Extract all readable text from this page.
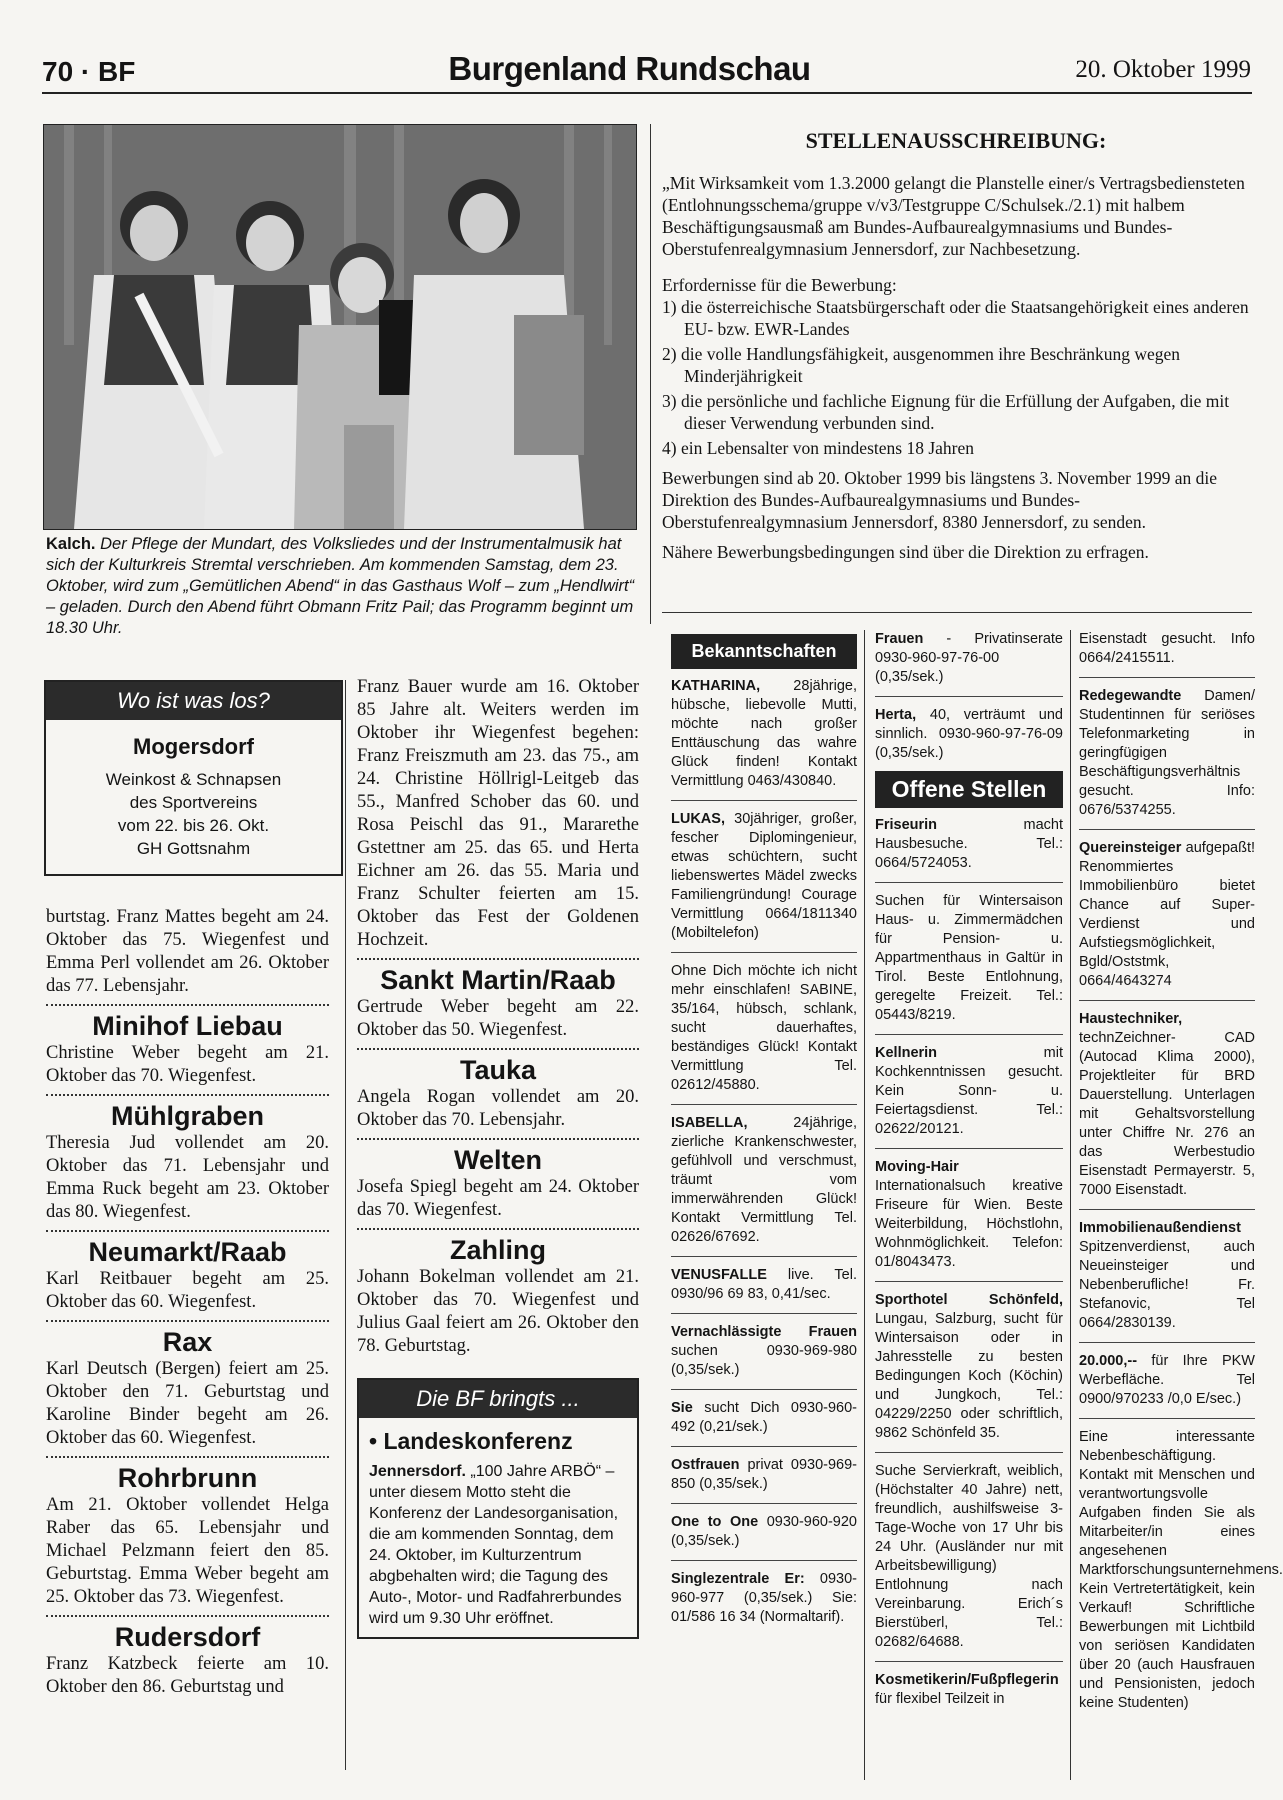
70 · BF	Burgenland Rundschau	20. Oktober 1999
Kalch. Der Pflege der Mundart, des Volksliedes und der Instrumentalmusik hat sich der Kulturkreis Stremtal verschrieben. Am kommenden Samstag, dem 23. Oktober, wird zum „Gemütlichen Abend“ in das Gasthaus Wolf – zum „Hendlwirt“ – geladen. Durch den Abend führt Obmann Fritz Pail; das Programm beginnt um 18.30 Uhr.
Wo ist was los?
Mogersdorf
Weinkost & Schnapsen
des Sportvereins
vom 22. bis 26. Okt.
GH Gottsnahm
burtstag. Franz Mattes begeht am 24. Oktober das 75. Wiegenfest und Emma Perl vollendet am 26. Oktober das 77. Lebensjahr.
Minihof Liebau
Christine Weber begeht am 21. Oktober das 70. Wiegenfest.
Mühlgraben
Theresia Jud vollendet am 20. Oktober das 71. Lebensjahr und Emma Ruck begeht am 23. Oktober das 80. Wiegenfest.
Neumarkt/Raab
Karl Reitbauer begeht am 25. Oktober das 60. Wiegenfest.
Rax
Karl Deutsch (Bergen) feiert am 25. Oktober den 71. Geburtstag und Karoline Binder begeht am 26. Oktober das 60. Wiegenfest.
Rohrbrunn
Am 21. Oktober vollendet Helga Raber das 65. Lebensjahr und Michael Pelzmann feiert den 85. Geburtstag. Emma Weber begeht am 25. Oktober das 73. Wiegenfest.
Rudersdorf
Franz Katzbeck feierte am 10. Oktober den 86. Geburtstag und
Franz Bauer wurde am 16. Oktober 85 Jahre alt. Weiters werden im Oktober ihr Wiegenfest begehen: Franz Freiszmuth am 23. das 75., am 24. Christine Höllrigl-Leitgeb das 55., Manfred Schober das 60. und Rosa Peischl das 91., Mararethe Gstettner am 25. das 65. und Herta Eichner am 26. das 55. Maria und Franz Schulter feierten am 15. Oktober das Fest der Goldenen Hochzeit.
Sankt Martin/Raab
Gertrude Weber begeht am 22. Oktober das 50. Wiegenfest.
Tauka
Angela Rogan vollendet am 20. Oktober das 70. Lebensjahr.
Welten
Josefa Spiegl begeht am 24. Oktober das 70. Wiegenfest.
Zahling
Johann Bokelman vollendet am 21. Oktober das 70. Wiegenfest und Julius Gaal feiert am 26. Oktober den 78. Geburtstag.
Die BF bringts ...
• Landeskonferenz
Jennersdorf. „100 Jahre ARBÖ“ – unter diesem Motto steht die Konferenz der Landesorganisation, die am kommenden Sonntag, dem 24. Oktober, im Kulturzentrum abgbehalten wird; die Tagung des Auto-, Motor- und Radfahrerbundes wird um 9.30 Uhr eröffnet.
STELLENAUSSCHREIBUNG:
„Mit Wirksamkeit vom 1.3.2000 gelangt die Planstelle einer/s Vertragsbediensteten (Entlohnungsschema/gruppe v/v3/Testgruppe C/Schulsek./2.1) mit halbem Beschäftigungsausmaß am Bundes-Aufbaurealgymnasiums und Bundes-Oberstufenrealgymnasium Jennersdorf, zur Nachbesetzung.
Erfordernisse für die Bewerbung:
1) die österreichische Staatsbürgerschaft oder die Staatsangehörigkeit eines anderen EU- bzw. EWR-Landes
2) die volle Handlungsfähigkeit, ausgenommen ihre Beschränkung wegen Minderjährigkeit
3) die persönliche und fachliche Eignung für die Erfüllung der Aufgaben, die mit dieser Verwendung verbunden sind.
4) ein Lebensalter von mindestens 18 Jahren
Bewerbungen sind ab 20. Oktober 1999 bis längstens 3. November 1999 an die Direktion des Bundes-Aufbaurealgymnasiums und Bundes-Oberstufenrealgymnasium Jennersdorf, 8380 Jennersdorf, zu senden.
Nähere Bewerbungsbedingungen sind über die Direktion zu erfragen.
Bekanntschaften
KATHARINA, 28jährige, hübsche, liebevolle Mutti, möchte nach großer Enttäuschung das wahre Glück finden! Kontakt Vermittlung 0463/430840.
LUKAS, 30jähriger, großer, fescher Diplomingenieur, etwas schüchtern, sucht liebenswertes Mädel zwecks Familiengründung! Courage Vermittlung 0664/1811340 (Mobiltelefon)
Ohne Dich möchte ich nicht mehr einschlafen! SABINE, 35/164, hübsch, schlank, sucht dauerhaftes, beständiges Glück! Kontakt Vermittlung Tel. 02612/45880.
ISABELLA, 24jährige, zierliche Krankenschwester, gefühlvoll und verschmust, träumt vom immerwährenden Glück! Kontakt Vermittlung Tel. 02626/67692.
VENUSFALLE live. Tel. 0930/96 69 83, 0,41/sec.
Vernachlässigte Frauen suchen 0930-969-980 (0,35/sek.)
Sie sucht Dich 0930-960-492 (0,21/sek.)
Ostfrauen privat 0930-969-850 (0,35/sek.)
One to One 0930-960-920 (0,35/sek.)
Singlezentrale Er: 0930-960-977 (0,35/sek.) Sie: 01/586 16 34 (Normaltarif).
Frauen - Privatinserate 0930-960-97-76-00 (0,35/sek.)
Herta, 40, verträumt und sinnlich. 0930-960-97-76-09 (0,35/sek.)
Offene Stellen
Friseurin macht Hausbesuche. Tel.: 0664/5724053.
Suchen für Wintersaison Haus- u. Zimmermädchen für Pension- u. Appartmenthaus in Galtür in Tirol. Beste Entlohnung, geregelte Freizeit. Tel.: 05443/8219.
Kellnerin mit Kochkenntnissen gesucht. Kein Sonn- u. Feiertagsdienst. Tel.: 02622/20121.
Moving-Hair Internationalsuch kreative Friseure für Wien. Beste Weiterbildung, Höchstlohn, Wohnmöglichkeit. Telefon: 01/8043473.
Sporthotel Schönfeld, Lungau, Salzburg, sucht für Wintersaison oder in Jahresstelle zu besten Bedingungen Koch (Köchin) und Jungkoch, Tel.: 04229/2250 oder schriftlich, 9862 Schönfeld 35.
Suche Servierkraft, weiblich, (Höchstalter 40 Jahre) nett, freundlich, aushilfsweise 3-Tage-Woche von 17 Uhr bis 24 Uhr. (Ausländer nur mit Arbeitsbewilligung) Entlohnung nach Vereinbarung. Erich´s Bierstüberl, Tel.: 02682/64688.
Kosmetikerin/Fußpflegerin für flexibel Teilzeit in
Eisenstadt gesucht. Info 0664/2415511.
Redegewandte Damen/ Studentinnen für seriöses Telefonmarketing in geringfügigen Beschäftigungsverhältnis gesucht. Info: 0676/5374255.
Quereinsteiger aufgepaßt! Renommiertes Immobilienbüro bietet Chance auf Super-Verdienst und Aufstiegsmöglichkeit, Bgld/Oststmk, 0664/4643274
Haustechniker, technZeichner- CAD (Autocad Klima 2000), Projektleiter für BRD Dauerstellung. Unterlagen mit Gehaltsvorstellung unter Chiffre Nr. 276 an das Werbestudio Eisenstadt Permayerstr. 5, 7000 Eisenstadt.
Immobilienaußendienst Spitzenverdienst, auch Neueinsteiger und Nebenberufliche! Fr. Stefanovic, Tel 0664/2830139.
20.000,-- für Ihre PKW Werbefläche. Tel 0900/970233 /0,0 E/sec.)
Eine interessante Nebenbeschäftigung. Kontakt mit Menschen und verantwortungsvolle Aufgaben finden Sie als Mitarbeiter/in eines angesehenen Marktforschungsunternehmens. Kein Vertretertätigkeit, kein Verkauf! Schriftliche Bewerbungen mit Lichtbild von seriösen Kandidaten über 20 (auch Hausfrauen und Pensionisten, jedoch keine Studenten)
